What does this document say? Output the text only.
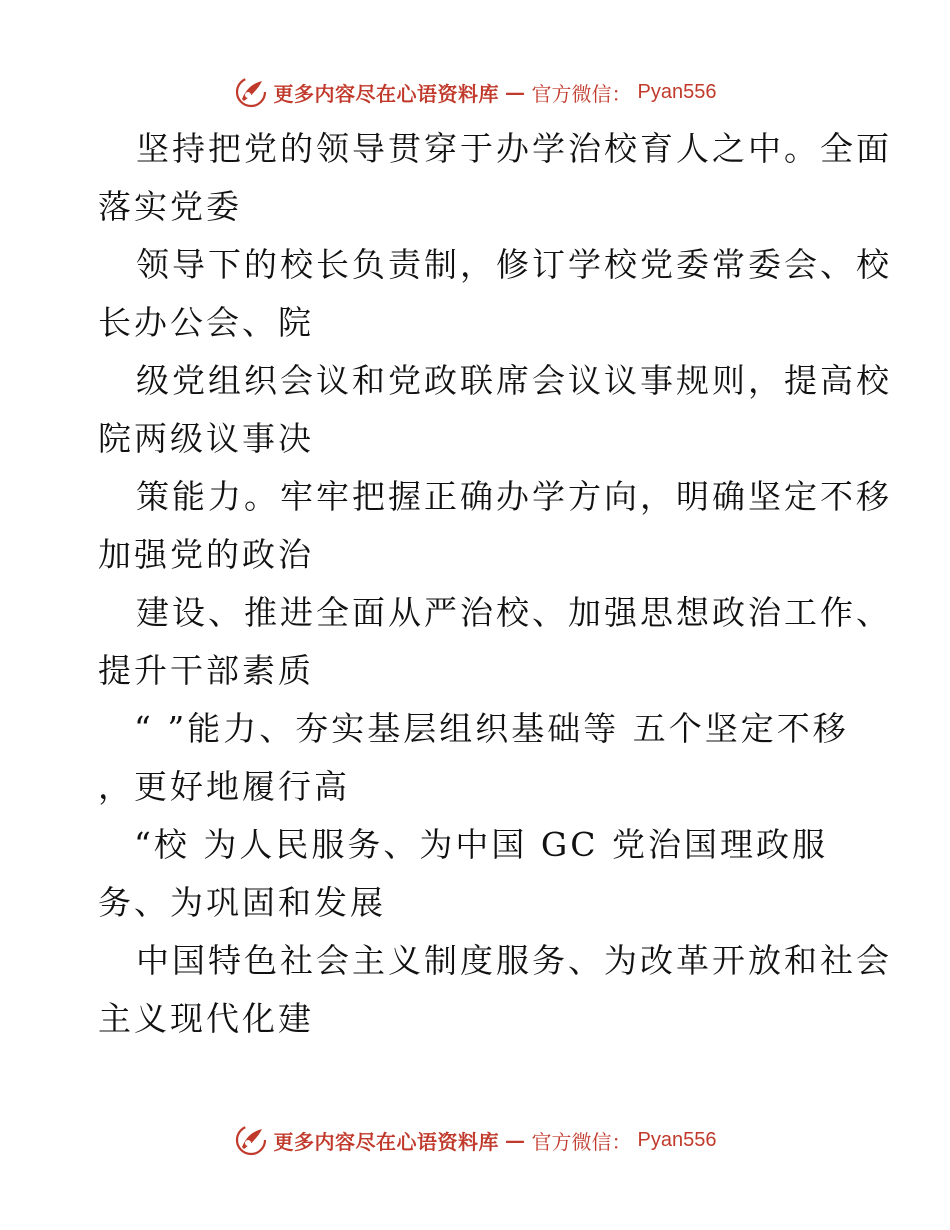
更多内容尽在心语资料库 — 官方微信： Pyan556
坚持把党的领导贯穿于办学治校育人之中。全面
落实党委
领导下的校长负责制，修订学校党委常委会、校
长办公会、院
级党组织会议和党政联席会议议事规则，提高校
院两级议事决
策能力。牢牢把握正确办学方向，明确坚定不移
加强党的政治
建设、推进全面从严治校、加强思想政治工作、
提升干部素质
“ ”能力、夯实基层组织基础等 五个坚定不移
，更好地履行高
“校 为人民服务、为中国 GC 党治国理政服
务、为巩固和发展
中国特色社会主义制度服务、为改革开放和社会
主义现代化建
更多内容尽在心语资料库 — 官方微信： Pyan556
